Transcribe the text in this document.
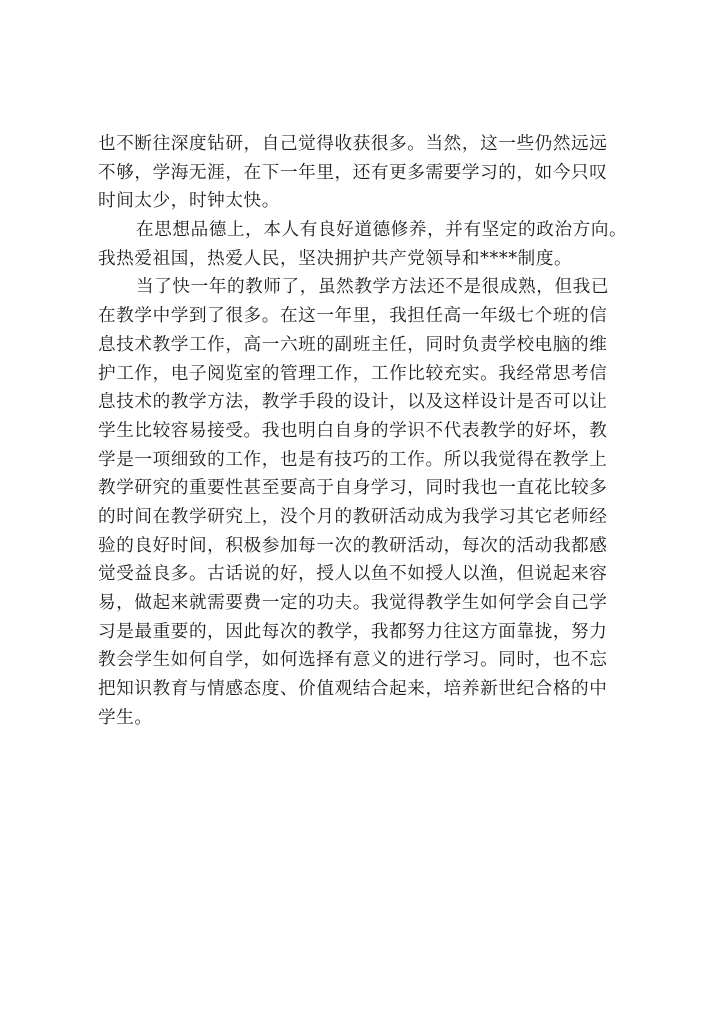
也不断往深度钻研，自己觉得收获很多。当然，这一些仍然远远
不够，学海无涯，在下一年里，还有更多需要学习的，如今只叹
时间太少，时钟太快。
在思想品德上，本人有良好道德修养，并有坚定的政治方向。
我热爱祖国，热爱人民，坚决拥护共产党领导和****制度。
当了快一年的教师了，虽然教学方法还不是很成熟，但我已
在教学中学到了很多。在这一年里，我担任高一年级七个班的信
息技术教学工作，高一六班的副班主任，同时负责学校电脑的维
护工作，电子阅览室的管理工作，工作比较充实。我经常思考信
息技术的教学方法，教学手段的设计，以及这样设计是否可以让
学生比较容易接受。我也明白自身的学识不代表教学的好坏，教
学是一项细致的工作，也是有技巧的工作。所以我觉得在教学上
教学研究的重要性甚至要高于自身学习，同时我也一直花比较多
的时间在教学研究上，没个月的教研活动成为我学习其它老师经
验的良好时间，积极参加每一次的教研活动，每次的活动我都感
觉受益良多。古话说的好，授人以鱼不如授人以渔，但说起来容
易，做起来就需要费一定的功夫。我觉得教学生如何学会自己学
习是最重要的，因此每次的教学，我都努力往这方面靠拢，努力
教会学生如何自学，如何选择有意义的进行学习。同时，也不忘
把知识教育与情感态度、价值观结合起来，培养新世纪合格的中
学生。
